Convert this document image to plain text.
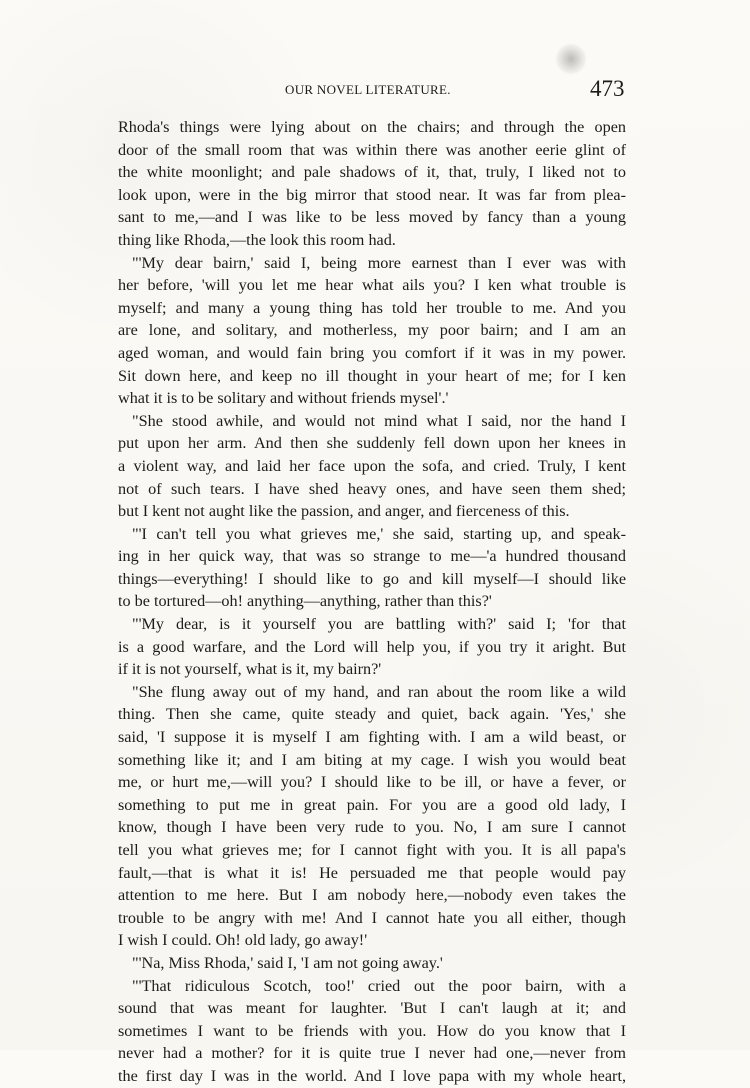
OUR NOVEL LITERATURE.	473
Rhoda's things were lying about on the chairs; and through the open
door of the small room that was within there was another eerie glint of
the white moonlight; and pale shadows of it, that, truly, I liked not to
look upon, were in the big mirror that stood near. It was far from plea-
sant to me,—and I was like to be less moved by fancy than a young
thing like Rhoda,—the look this room had.
"'My dear bairn,' said I, being more earnest than I ever was with
her before, 'will you let me hear what ails you? I ken what trouble is
myself; and many a young thing has told her trouble to me. And you
are lone, and solitary, and motherless, my poor bairn; and I am an
aged woman, and would fain bring you comfort if it was in my power.
Sit down here, and keep no ill thought in your heart of me; for I ken
what it is to be solitary and without friends mysel'.'
"She stood awhile, and would not mind what I said, nor the hand I
put upon her arm. And then she suddenly fell down upon her knees in
a violent way, and laid her face upon the sofa, and cried. Truly, I kent
not of such tears. I have shed heavy ones, and have seen them shed;
but I kent not aught like the passion, and anger, and fierceness of this.
"'I can't tell you what grieves me,' she said, starting up, and speak-
ing in her quick way, that was so strange to me—'a hundred thousand
things—everything! I should like to go and kill myself—I should like
to be tortured—oh! anything—anything, rather than this?'
"'My dear, is it yourself you are battling with?' said I; 'for that
is a good warfare, and the Lord will help you, if you try it aright. But
if it is not yourself, what is it, my bairn?'
"She flung away out of my hand, and ran about the room like a wild
thing. Then she came, quite steady and quiet, back again. 'Yes,' she
said, 'I suppose it is myself I am fighting with. I am a wild beast, or
something like it; and I am biting at my cage. I wish you would beat
me, or hurt me,—will you? I should like to be ill, or have a fever, or
something to put me in great pain. For you are a good old lady, I
know, though I have been very rude to you. No, I am sure I cannot
tell you what grieves me; for I cannot fight with you. It is all papa's
fault,—that is what it is! He persuaded me that people would pay
attention to me here. But I am nobody here,—nobody even takes the
trouble to be angry with me! And I cannot hate you all either, though
I wish I could. Oh! old lady, go away!'
"'Na, Miss Rhoda,' said I, 'I am not going away.'
"'That ridiculous Scotch, too!' cried out the poor bairn, with a
sound that was meant for laughter. 'But I can't laugh at it; and
sometimes I want to be friends with you. How do you know that I
never had a mother? for it is quite true I never had one,—never from
the first day I was in the world. And I love papa with my whole heart,
